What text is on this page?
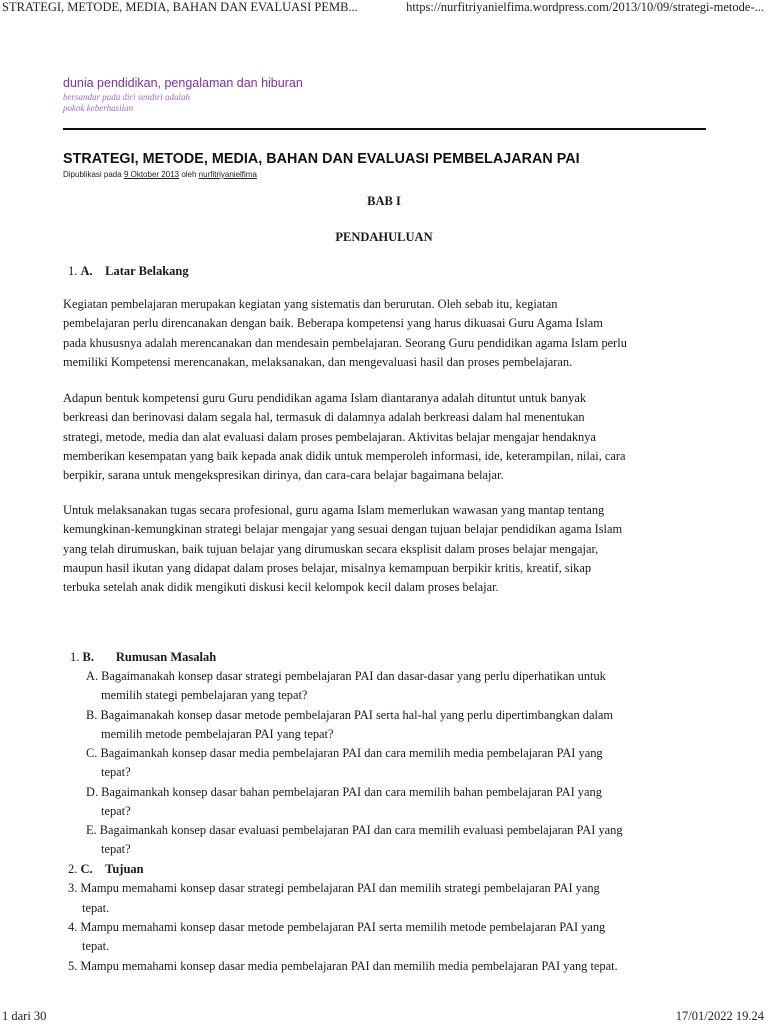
STRATEGI, METODE, MEDIA, BAHAN DAN EVALUASI PEMB...	https://nurfitriyanielfima.wordpress.com/2013/10/09/strategi-metode-...
dunia pendidikan, pengalaman dan hiburan
bersandar pada diri sendiri adalah
pokok keberhasilan
STRATEGI, METODE, MEDIA, BAHAN DAN EVALUASI PEMBELAJARAN PAI
Dipublikasi pada 9 Oktober 2013 oleh nurfitriyanielfima
BAB I
PENDAHULUAN
1. A. Latar Belakang
Kegiatan pembelajaran merupakan kegiatan yang sistematis dan berurutan. Oleh sebab itu, kegiatan
pembelajaran perlu direncanakan dengan baik. Beberapa kompetensi yang harus dikuasai Guru Agama Islam
pada khususnya adalah merencanakan dan mendesain pembelajaran. Seorang Guru pendidikan agama Islam perlu
memiliki Kompetensi merencanakan, melaksanakan, dan mengevaluasi hasil dan proses pembelajaran.
Adapun bentuk kompetensi guru Guru pendidikan agama Islam diantaranya adalah dituntut untuk banyak
berkreasi dan berinovasi dalam segala hal, termasuk di dalamnya adalah berkreasi dalam hal menentukan
strategi, metode, media dan alat evaluasi dalam proses pembelajaran. Aktivitas belajar mengajar hendaknya
memberikan kesempatan yang baik kepada anak didik untuk memperoleh informasi, ide, keterampilan, nilai, cara
berpikir, sarana untuk mengekspresikan dirinya, dan cara-cara belajar bagaimana belajar.
Untuk melaksanakan tugas secara profesional, guru agama Islam memerlukan wawasan yang mantap tentang
kemungkinan-kemungkinan strategi belajar mengajar yang sesuai dengan tujuan belajar pendidikan agama Islam
yang telah dirumuskan, baik tujuan belajar yang dirumuskan secara eksplisit dalam proses belajar mengajar,
maupun hasil ikutan yang didapat dalam proses belajar, misalnya kemampuan berpikir kritis, kreatif, sikap
terbuka setelah anak didik mengikuti diskusi kecil kelompok kecil dalam proses belajar.
1. B. Rumusan Masalah
A. Bagaimanakah konsep dasar strategi pembelajaran PAI dan dasar-dasar yang perlu diperhatikan untuk
memilih stategi pembelajaran yang tepat?
B. Bagaimanakah konsep dasar metode pembelajaran PAI serta hal-hal yang perlu dipertimbangkan dalam
memilih metode pembelajaran PAI yang tepat?
C. Bagaimankah konsep dasar media pembelajaran PAI dan cara memilih media pembelajaran PAI yang
tepat?
D. Bagaimankah konsep dasar bahan pembelajaran PAI dan cara memilih bahan pembelajaran PAI yang
tepat?
E. Bagaimankah konsep dasar evaluasi pembelajaran PAI dan cara memilih evaluasi pembelajaran PAI yang
tepat?
2. C. Tujuan
3. Mampu memahami konsep dasar strategi pembelajaran PAI dan memilih strategi pembelajaran PAI yang
tepat.
4. Mampu memahami konsep dasar metode pembelajaran PAI serta memilih metode pembelajaran PAI yang
tepat.
5. Mampu memahami konsep dasar media pembelajaran PAI dan memilih media pembelajaran PAI yang tepat.
1 dari 30	17/01/2022 19.24
